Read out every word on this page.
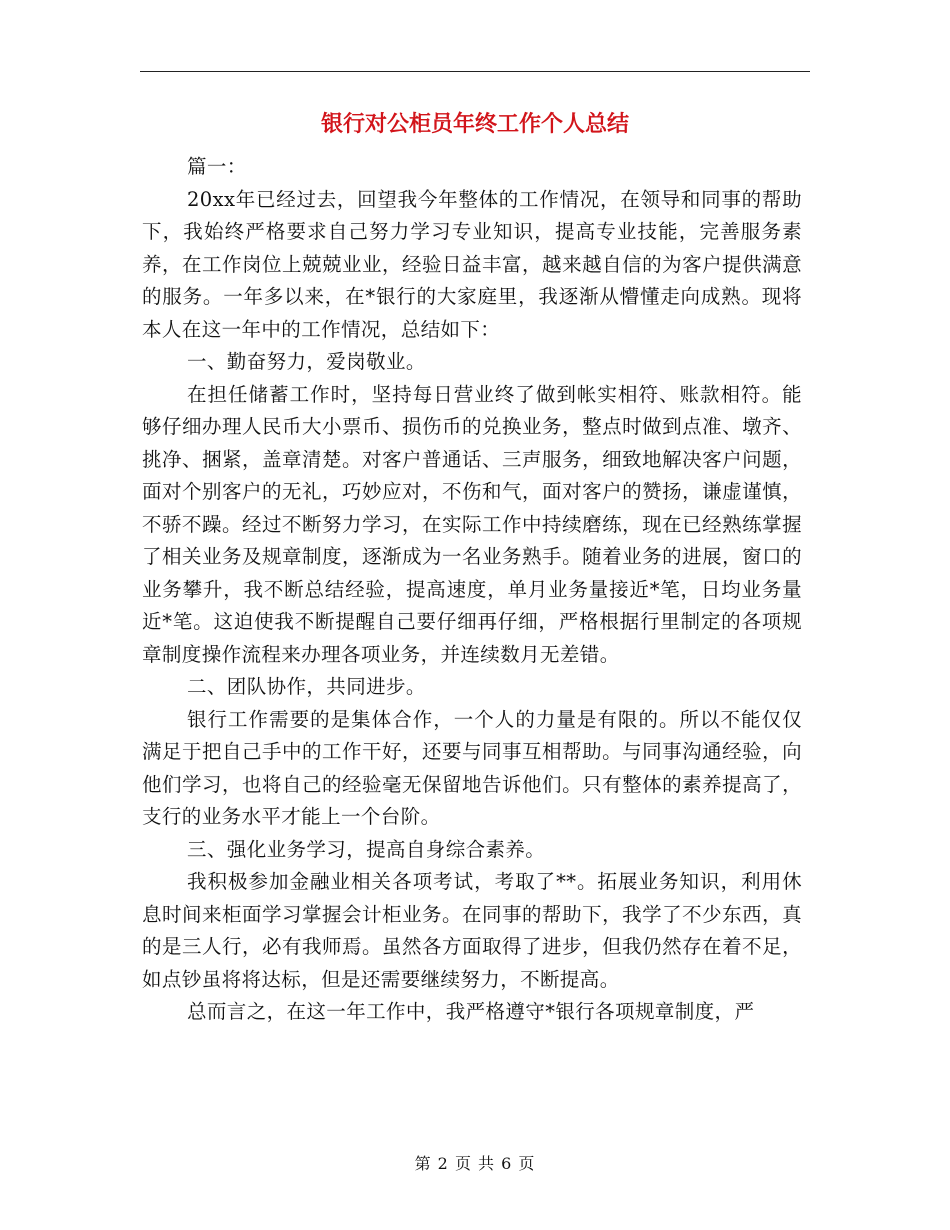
银行对公柜员年终工作个人总结

篇一：

20xx年已经过去，回望我今年整体的工作情况，在领导和同事的帮助下，我始终严格要求自己努力学习专业知识，提高专业技能，完善服务素养，在工作岗位上兢兢业业，经验日益丰富，越来越自信的为客户提供满意的服务。一年多以来，在*银行的大家庭里，我逐渐从懵懂走向成熟。现将本人在这一年中的工作情况，总结如下：

一、勤奋努力，爱岗敬业。

在担任储蓄工作时，坚持每日营业终了做到帐实相符、账款相符。能够仔细办理人民币大小票币、损伤币的兑换业务，整点时做到点准、墩齐、挑净、捆紧，盖章清楚。对客户普通话、三声服务，细致地解决客户问题，面对个别客户的无礼，巧妙应对，不伤和气，面对客户的赞扬，谦虚谨慎，不骄不躁。经过不断努力学习，在实际工作中持续磨练，现在已经熟练掌握了相关业务及规章制度，逐渐成为一名业务熟手。随着业务的进展，窗口的业务攀升，我不断总结经验，提高速度，单月业务量接近*笔，日均业务量近*笔。这迫使我不断提醒自己要仔细再仔细，严格根据行里制定的各项规章制度操作流程来办理各项业务，并连续数月无差错。

二、团队协作，共同进步。

银行工作需要的是集体合作，一个人的力量是有限的。所以不能仅仅满足于把自己手中的工作干好，还要与同事互相帮助。与同事沟通经验，向他们学习，也将自己的经验毫无保留地告诉他们。只有整体的素养提高了，支行的业务水平才能上一个台阶。

三、强化业务学习，提高自身综合素养。

我积极参加金融业相关各项考试，考取了**。拓展业务知识，利用休息时间来柜面学习掌握会计柜业务。在同事的帮助下，我学了不少东西，真的是三人行，必有我师焉。虽然各方面取得了进步，但我仍然存在着不足，如点钞虽将将达标，但是还需要继续努力，不断提高。

总而言之，在这一年工作中，我严格遵守*银行各项规章制度，严

第 2 页 共 6 页
